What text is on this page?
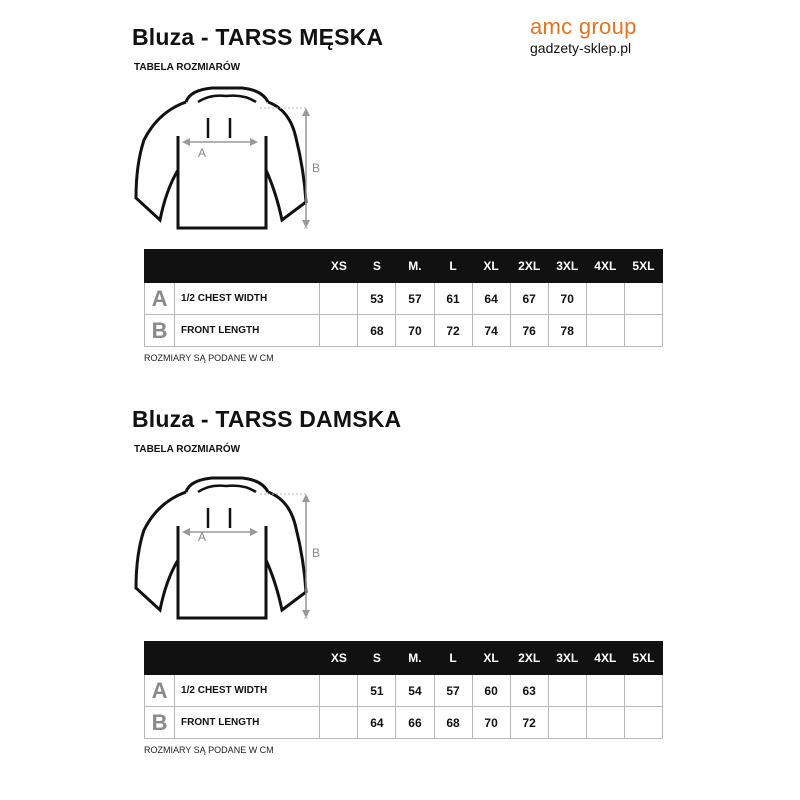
amc group
gadzety-sklep.pl
Bluza - TARSS MĘSKA
TABELA ROZMIARÓW
A
B
		XS	S	M.	L	XL	2XL	3XL	4XL	5XL
A	1/2 CHEST WIDTH		53	57	61	64	67	70		
B	FRONT LENGTH		68	70	72	74	76	78		
ROZMIARY SĄ PODANE W CM
Bluza - TARSS DAMSKA
TABELA ROZMIARÓW
A
B
		XS	S	M.	L	XL	2XL	3XL	4XL	5XL
A	1/2 CHEST WIDTH		51	54	57	60	63			
B	FRONT LENGTH		64	66	68	70	72			
ROZMIARY SĄ PODANE W CM
